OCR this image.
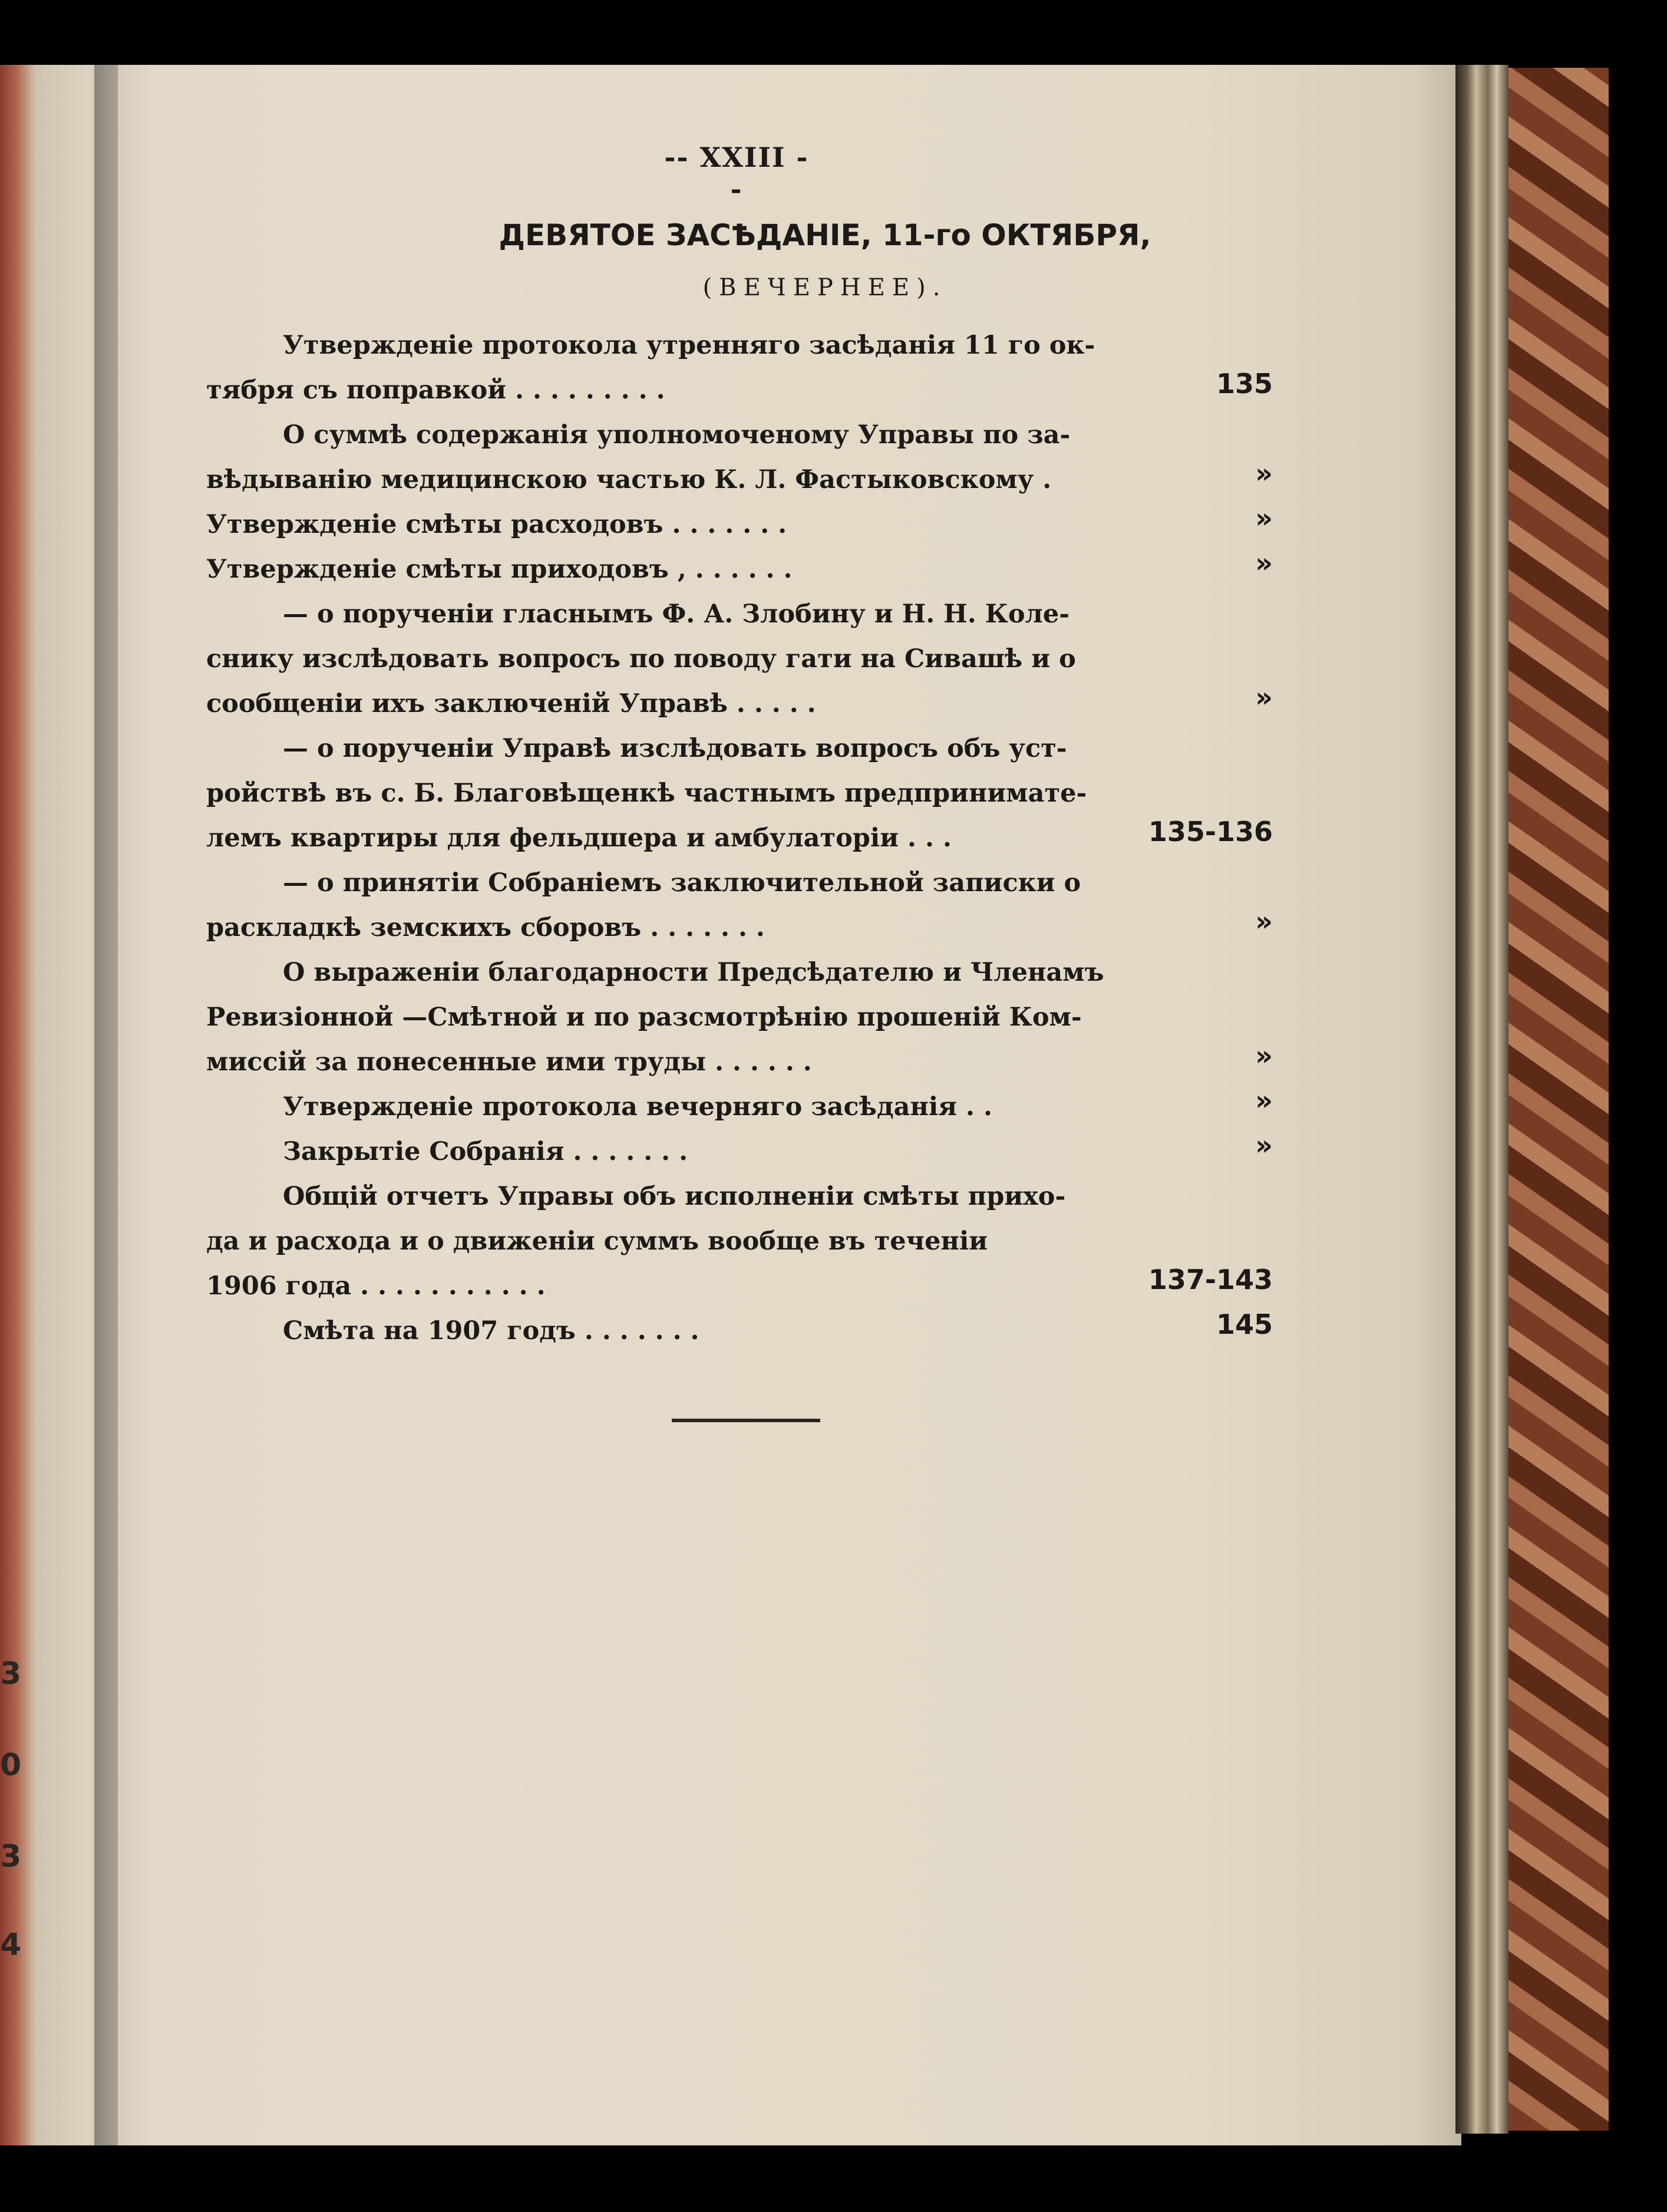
3
0
3
4
-- XXIII --
ДЕВЯТОЕ ЗАСѢДАНІЕ, 11-го ОКТЯБРЯ,
(ВЕЧЕРНЕЕ).
Утвержденіе протокола утренняго засѣданія 11 го ок-
тября съ поправкой . . . . . . . . .	135
О суммѣ содержанія уполномоченому Управы по за-
вѣдыванію медицинскою частью К. Л. Фастыковскому .	»
Утвержденіе смѣты расходовъ . . . . . . .	»
Утвержденіе смѣты приходовъ , . . . . . .	»
— о порученіи гласнымъ Ф. А. Злобину и Н. Н. Коле-
снику изслѣдовать вопросъ по поводу гати на Сивашѣ и о
сообщеніи ихъ заключеній Управѣ . . . . .	»
— о порученіи Управѣ изслѣдовать вопросъ объ уст-
ройствѣ въ с. Б. Благовѣщенкѣ частнымъ предпринимате-
лемъ квартиры для фельдшера и амбулаторіи . . .	135-136
— о принятіи Собраніемъ заключительной записки о
раскладкѣ земскихъ сборовъ . . . . . . .	»
О выраженіи благодарности Предсѣдателю и Членамъ
Ревизіонной —Смѣтной и по разсмотрѣнію прошеній Ком-
миссій за понесенные ими труды . . . . . .	»
Утвержденіе протокола вечерняго засѣданія . .	»
Закрытіе Собранія . . . . . . .	»
Общій отчетъ Управы объ исполненіи смѣты прихо-
да и расхода и о движеніи суммъ вообще въ теченіи
1906 года . . . . . . . . . . .	137-143
Смѣта на 1907 годъ . . . . . . .	145
